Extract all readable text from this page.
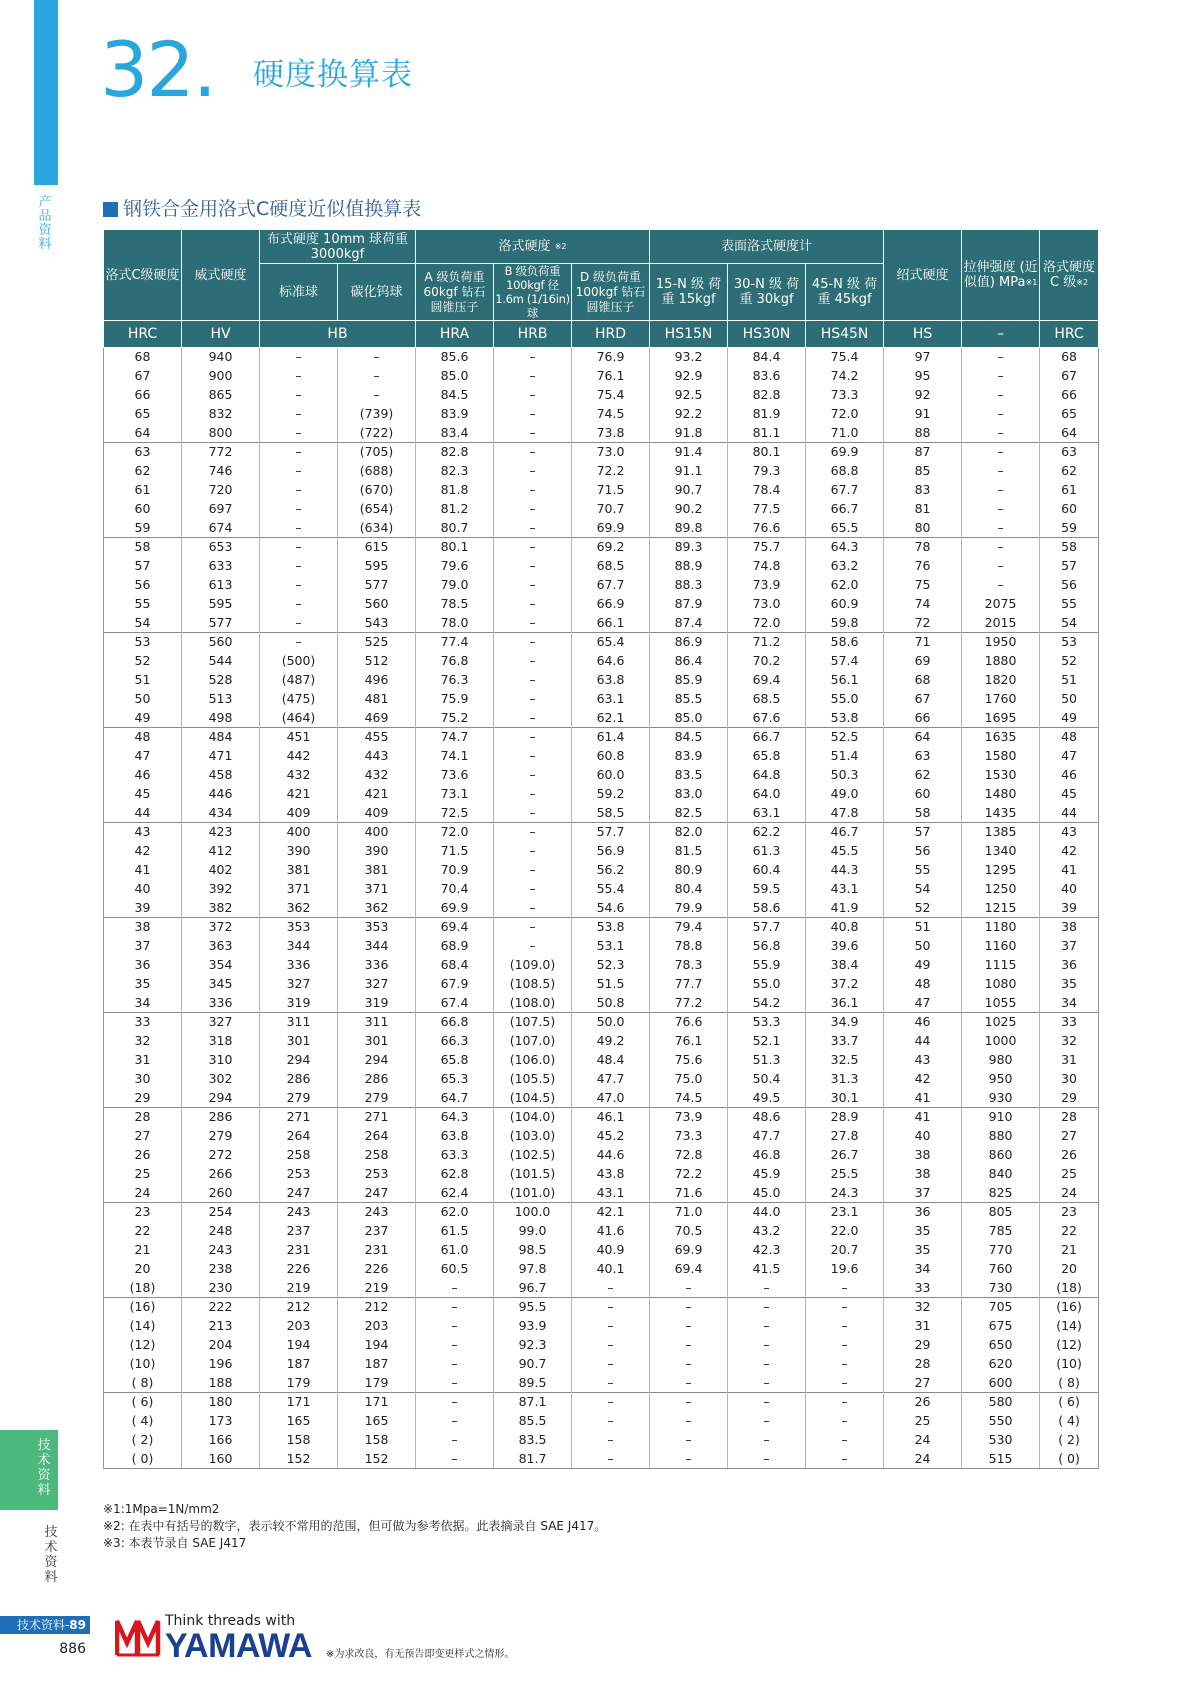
产品资料
技术资料
技术资料
32. 硬度换算表
钢铁合金用洛式C硬度近似值换算表
洛式C级硬度	威式硬度	布式硬度 10mm 球荷重 3000kgf		洛式硬度 $^{※2}$			表面洛式硬度计			绍式硬度	拉伸强度 (近似值) MPa$^{※1}$	洛式硬度 C 级$^{※2}$
		标准球	碳化钨球	A 级负荷重 60kgf 钻石 圆锥压子	B 级负荷重 100kgf 径 1.6m (1/16in) 球	D 级负荷重 100kgf 钻石 圆锥压子	15-N 级 荷重 15kgf	30-N 级 荷重 30kgf	45-N 级 荷重 45kgf			
HRC	HV	HB		HRA	HRB	HRD	HS15N	HS30N	HS45N	HS	–	HRC
68	940	–	–	85.6	–	76.9	93.2	84.4	75.4	97	–	68
67	900	–	–	85.0	–	76.1	92.9	83.6	74.2	95	–	67
66	865	–	–	84.5	–	75.4	92.5	82.8	73.3	92	–	66
65	832	–	(739)	83.9	–	74.5	92.2	81.9	72.0	91	–	65
64	800	–	(722)	83.4	–	73.8	91.8	81.1	71.0	88	–	64
63	772	–	(705)	82.8	–	73.0	91.4	80.1	69.9	87	–	63
62	746	–	(688)	82.3	–	72.2	91.1	79.3	68.8	85	–	62
61	720	–	(670)	81.8	–	71.5	90.7	78.4	67.7	83	–	61
60	697	–	(654)	81.2	–	70.7	90.2	77.5	66.7	81	–	60
59	674	–	(634)	80.7	–	69.9	89.8	76.6	65.5	80	–	59
58	653	–	615	80.1	–	69.2	89.3	75.7	64.3	78	–	58
57	633	–	595	79.6	–	68.5	88.9	74.8	63.2	76	–	57
56	613	–	577	79.0	–	67.7	88.3	73.9	62.0	75	–	56
55	595	–	560	78.5	–	66.9	87.9	73.0	60.9	74	2075	55
54	577	–	543	78.0	–	66.1	87.4	72.0	59.8	72	2015	54
53	560	–	525	77.4	–	65.4	86.9	71.2	58.6	71	1950	53
52	544	(500)	512	76.8	–	64.6	86.4	70.2	57.4	69	1880	52
51	528	(487)	496	76.3	–	63.8	85.9	69.4	56.1	68	1820	51
50	513	(475)	481	75.9	–	63.1	85.5	68.5	55.0	67	1760	50
49	498	(464)	469	75.2	–	62.1	85.0	67.6	53.8	66	1695	49
48	484	451	455	74.7	–	61.4	84.5	66.7	52.5	64	1635	48
47	471	442	443	74.1	–	60.8	83.9	65.8	51.4	63	1580	47
46	458	432	432	73.6	–	60.0	83.5	64.8	50.3	62	1530	46
45	446	421	421	73.1	–	59.2	83.0	64.0	49.0	60	1480	45
44	434	409	409	72.5	–	58.5	82.5	63.1	47.8	58	1435	44
43	423	400	400	72.0	–	57.7	82.0	62.2	46.7	57	1385	43
42	412	390	390	71.5	–	56.9	81.5	61.3	45.5	56	1340	42
41	402	381	381	70.9	–	56.2	80.9	60.4	44.3	55	1295	41
40	392	371	371	70.4	–	55.4	80.4	59.5	43.1	54	1250	40
39	382	362	362	69.9	–	54.6	79.9	58.6	41.9	52	1215	39
38	372	353	353	69.4	–	53.8	79.4	57.7	40.8	51	1180	38
37	363	344	344	68.9	–	53.1	78.8	56.8	39.6	50	1160	37
36	354	336	336	68.4	(109.0)	52.3	78.3	55.9	38.4	49	1115	36
35	345	327	327	67.9	(108.5)	51.5	77.7	55.0	37.2	48	1080	35
34	336	319	319	67.4	(108.0)	50.8	77.2	54.2	36.1	47	1055	34
33	327	311	311	66.8	(107.5)	50.0	76.6	53.3	34.9	46	1025	33
32	318	301	301	66.3	(107.0)	49.2	76.1	52.1	33.7	44	1000	32
31	310	294	294	65.8	(106.0)	48.4	75.6	51.3	32.5	43	980	31
30	302	286	286	65.3	(105.5)	47.7	75.0	50.4	31.3	42	950	30
29	294	279	279	64.7	(104.5)	47.0	74.5	49.5	30.1	41	930	29
28	286	271	271	64.3	(104.0)	46.1	73.9	48.6	28.9	41	910	28
27	279	264	264	63.8	(103.0)	45.2	73.3	47.7	27.8	40	880	27
26	272	258	258	63.3	(102.5)	44.6	72.8	46.8	26.7	38	860	26
25	266	253	253	62.8	(101.5)	43.8	72.2	45.9	25.5	38	840	25
24	260	247	247	62.4	(101.0)	43.1	71.6	45.0	24.3	37	825	24
23	254	243	243	62.0	100.0	42.1	71.0	44.0	23.1	36	805	23
22	248	237	237	61.5	99.0	41.6	70.5	43.2	22.0	35	785	22
21	243	231	231	61.0	98.5	40.9	69.9	42.3	20.7	35	770	21
20	238	226	226	60.5	97.8	40.1	69.4	41.5	19.6	34	760	20
(18)	230	219	219	–	96.7	–	–	–	–	33	730	(18)
(16)	222	212	212	–	95.5	–	–	–	–	32	705	(16)
(14)	213	203	203	–	93.9	–	–	–	–	31	675	(14)
(12)	204	194	194	–	92.3	–	–	–	–	29	650	(12)
(10)	196	187	187	–	90.7	–	–	–	–	28	620	(10)
( 8)	188	179	179	–	89.5	–	–	–	–	27	600	( 8)
( 6)	180	171	171	–	87.1	–	–	–	–	26	580	( 6)
( 4)	173	165	165	–	85.5	–	–	–	–	25	550	( 4)
( 2)	166	158	158	–	83.5	–	–	–	–	24	530	( 2)
( 0)	160	152	152	–	81.7	–	–	–	–	24	515	( 0)
※1:1Mpa=1N/mm2
※2: 在表中有括号的数字，表示较不常用的范围，但可做为参考依据。此表摘录自 SAE J417。
※3: 本表节录自 SAE J417
技术资料-89
886
Think threads with
YAMAWA ※为求改良，有无预告即变更样式之情形。
